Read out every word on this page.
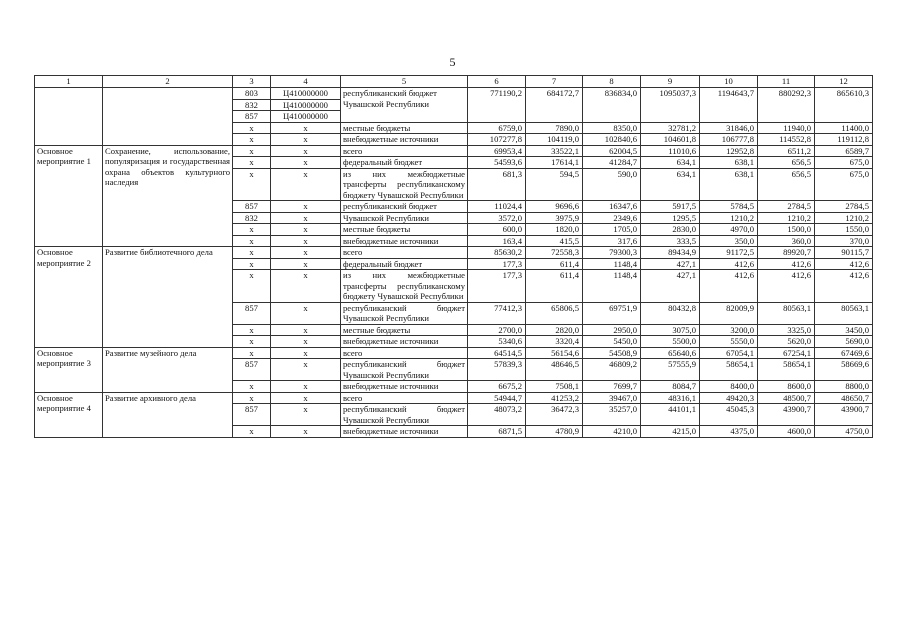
5
1	2	3	4	5	6	7	8	9	10	11	12
		803	Ц410000000	республиканский бюджет Чувашской Республики	771190,2	684172,7	836834,0	1095037,3	1194643,7	880292,3	865610,3
		832	Ц410000000								
		857	Ц410000000								
		х	х	местные бюджеты	6759,0	7890,0	8350,0	32781,2	31846,0	11940,0	11400,0
		х	х	внебюджетные источники	107277,8	104119,0	102840,6	104601,8	106777,8	114552,8	119112,8
Основное мероприятие 1	Сохранение, использование, популяризация и государственная охрана объектов культурного наследия	х	х	всего	69953,4	33522,1	62004,5	11010,6	12952,8	6511,2	6589,7
		х	х	федеральный бюджет	54593,6	17614,1	41284,7	634,1	638,1	656,5	675,0
		х	х	из них межбюджетные трансферты республиканскому бюджету Чувашской Республики	681,3	594,5	590,0	634,1	638,1	656,5	675,0
		857	х	республиканский бюджет	11024,4	9696,6	16347,6	5917,5	5784,5	2784,5	2784,5
		832	х	Чувашской Республики	3572,0	3975,9	2349,6	1295,5	1210,2	1210,2	1210,2
		х	х	местные бюджеты	600,0	1820,0	1705,0	2830,0	4970,0	1500,0	1550,0
		х	х	внебюджетные источники	163,4	415,5	317,6	333,5	350,0	360,0	370,0
Основное мероприятие 2	Развитие библиотечного дела	х	х	всего	85630,2	72558,3	79300,3	89434,9	91172,5	89920,7	90115,7
		х	х	федеральный бюджет	177,3	611,4	1148,4	427,1	412,6	412,6	412,6
		х	х	из них межбюджетные трансферты республиканскому бюджету Чувашской Республики	177,3	611,4	1148,4	427,1	412,6	412,6	412,6
		857	х	республиканский бюджет Чувашской Республики	77412,3	65806,5	69751,9	80432,8	82009,9	80563,1	80563,1
		х	х	местные бюджеты	2700,0	2820,0	2950,0	3075,0	3200,0	3325,0	3450,0
		х	х	внебюджетные источники	5340,6	3320,4	5450,0	5500,0	5550,0	5620,0	5690,0
Основное мероприятие 3	Развитие музейного дела	х	х	всего	64514,5	56154,6	54508,9	65640,6	67054,1	67254,1	67469,6
		857	х	республиканский бюджет Чувашской Республики	57839,3	48646,5	46809,2	57555,9	58654,1	58654,1	58669,6
		х	х	внебюджетные источники	6675,2	7508,1	7699,7	8084,7	8400,0	8600,0	8800,0
Основное мероприятие 4	Развитие архивного дела	х	х	всего	54944,7	41253,2	39467,0	48316,1	49420,3	48500,7	48650,7
		857	х	республиканский бюджет Чувашской Республики	48073,2	36472,3	35257,0	44101,1	45045,3	43900,7	43900,7
		х	х	внебюджетные источники	6871,5	4780,9	4210,0	4215,0	4375,0	4600,0	4750,0
